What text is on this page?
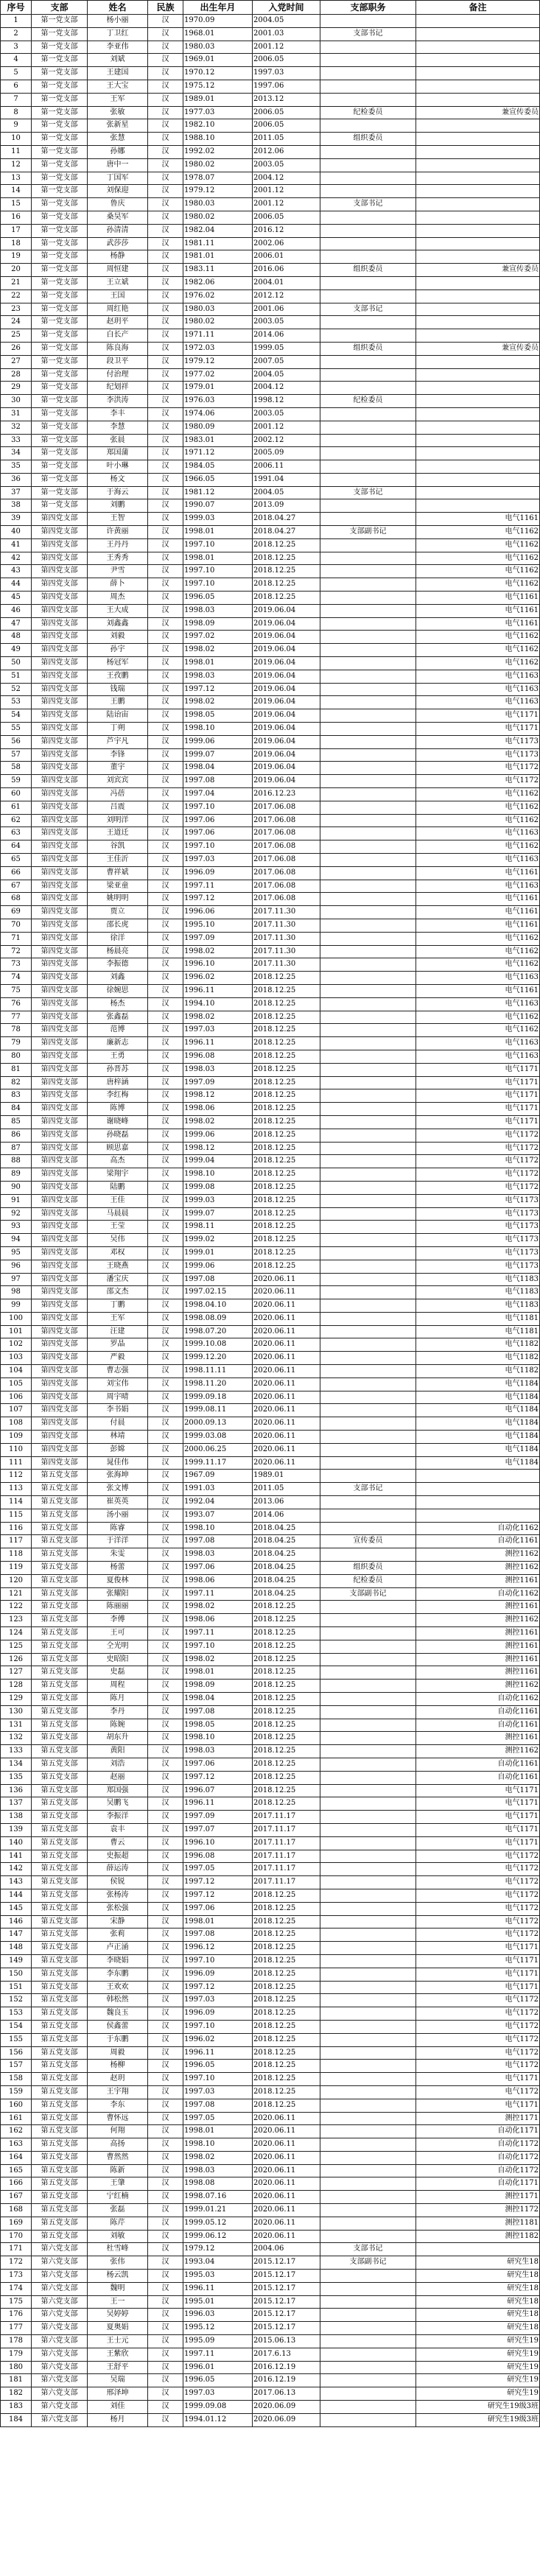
序号	支部	姓名	民族	出生年月	入党时间	支部职务	备注
1	第一党支部	杨小丽	汉	1970.09	2004.05		
2	第一党支部	丁卫红	汉	1968.01	2001.03	支部书记	
3	第一党支部	李亚伟	汉	1980.03	2001.12		
4	第一党支部	刘斌	汉	1969.01	2006.05		
5	第一党支部	王建国	汉	1970.12	1997.03		
6	第一党支部	王大宝	汉	1975.12	1997.06		
7	第一党支部	王军	汉	1989.01	2013.12		
8	第一党支部	张敏	汉	1977.03	2006.05	纪检委员	兼宣传委员
9	第一党支部	张新星	汉	1982.10	2006.05		
10	第一党支部	张慧	汉	1988.10	2011.05	组织委员	
11	第一党支部	孙娜	汉	1992.02	2012.06		
12	第一党支部	唐中一	汉	1980.02	2003.05		
13	第一党支部	丁国军	汉	1978.07	2004.12		
14	第一党支部	刘保迎	汉	1979.12	2001.12		
15	第一党支部	鲁庆	汉	1980.03	2001.12	支部书记	
16	第一党支部	桑昊军	汉	1980.02	2006.05		
17	第一党支部	孙清清	汉	1982.04	2016.12		
18	第一党支部	武莎莎	汉	1981.11	2002.06		
19	第一党支部	杨静	汉	1981.01	2006.01		
20	第一党支部	周恒建	汉	1983.11	2016.06	组织委员	兼宣传委员
21	第一党支部	王立斌	汉	1982.06	2004.01		
22	第一党支部	王国	汉	1976.02	2012.12		
23	第一党支部	周红艳	汉	1980.03	2001.06	支部书记	
24	第一党支部	赵玥平	汉	1980.02	2003.05		
25	第一党支部	白长产	汉	1971.11	2014.06		
26	第一党支部	陈良海	汉	1972.03	1999.05	组织委员	兼宣传委员
27	第一党支部	段卫平	汉	1979.12	2007.05		
28	第一党支部	付治理	汉	1977.02	2004.05		
29	第一党支部	纪划祥	汉	1979.01	2004.12		
30	第一党支部	李洪涛	汉	1976.03	1998.12	纪检委员	
31	第一党支部	李丰	汉	1974.06	2003.05		
32	第一党支部	李慧	汉	1980.09	2001.12		
33	第一党支部	张晨	汉	1983.01	2002.12		
34	第一党支部	郑国蒲	汉	1971.12	2005.09		
35	第一党支部	叶小琳	汉	1984.05	2006.11		
36	第一党支部	杨文	汉	1966.05	1991.04		
37	第一党支部	于海云	汉	1981.12	2004.05	支部书记	
38	第一党支部	刘鹏	汉	1990.07	2013.09		
39	第四党支部	王智	汉	1999.03	2018.04.27		电气1161
40	第四党支部	许黄丽	汉	1998.01	2018.04.27	支部副书记	电气1162
41	第四党支部	王丹丹	汉	1997.10	2018.12.25		电气1162
42	第四党支部	王秀秀	汉	1998.01	2018.12.25		电气1162
43	第四党支部	尹雪	汉	1997.10	2018.12.25		电气1162
44	第四党支部	薛卜	汉	1997.10	2018.12.25		电气1162
45	第四党支部	周杰	汉	1996.05	2018.12.25		电气1161
46	第四党支部	王大成	汉	1998.03	2019.06.04		电气1161
47	第四党支部	刘鑫鑫	汉	1998.09	2019.06.04		电气1161
48	第四党支部	刘毅	汉	1997.02	2019.06.04		电气1162
49	第四党支部	孙宇	汉	1998.02	2019.06.04		电气1162
50	第四党支部	杨冠军	汉	1998.01	2019.06.04		电气1162
51	第四党支部	王孜鹏	汉	1998.03	2019.06.04		电气1163
52	第四党支部	钱瑞	汉	1997.12	2019.06.04		电气1163
53	第四党支部	王鹏	汉	1998.02	2019.06.04		电气1163
54	第四党支部	陆诒宙	汉	1998.05	2019.06.04		电气1171
55	第四党支部	丁朔	汉	1998.10	2019.06.04		电气1171
56	第四党支部	芦宇凡	汉	1999.06	2019.06.04		电气1173
57	第四党支部	李锋	汉	1999.07	2019.06.04		电气1173
58	第四党支部	董宇	汉	1998.04	2019.06.04		电气1172
59	第四党支部	刘宾宾	汉	1997.08	2019.06.04		电气1172
60	第四党支部	冯蓓	汉	1997.04	2016.12.23		电气1162
61	第四党支部	吕震	汉	1997.10	2017.06.08		电气1162
62	第四党支部	刘明洋	汉	1997.06	2017.06.08		电气1162
63	第四党支部	王道迁	汉	1997.06	2017.06.08		电气1163
64	第四党支部	谷凯	汉	1997.10	2017.06.08		电气1162
65	第四党支部	王佳沂	汉	1997.03	2017.06.08		电气1163
66	第四党支部	曹祥斌	汉	1996.09	2017.06.08		电气1161
67	第四党支部	梁亚童	汉	1997.11	2017.06.08		电气1163
68	第四党支部	姚明明	汉	1997.12	2017.06.08		电气1161
69	第四党支部	贾立	汉	1996.06	2017.11.30		电气1161
70	第四党支部	邵长虎	汉	1995.10	2017.11.30		电气1161
71	第四党支部	徐洋	汉	1997.09	2017.11.30		电气1162
72	第四党支部	杨晨亮	汉	1998.02	2017.11.30		电气1162
73	第四党支部	李振德	汉	1996.10	2017.11.30		电气1162
74	第四党支部	刘鑫	汉	1996.02	2018.12.25		电气1163
75	第四党支部	徐婉思	汉	1996.11	2018.12.25		电气1161
76	第四党支部	杨杰	汉	1994.10	2018.12.25		电气1163
77	第四党支部	张鑫磊	汉	1998.02	2018.12.25		电气1162
78	第四党支部	范博	汉	1997.03	2018.12.25		电气1162
79	第四党支部	廉新志	汉	1996.11	2018.12.25		电气1163
80	第四党支部	王勇	汉	1996.08	2018.12.25		电气1163
81	第四党支部	孙晋苏	汉	1998.03	2018.12.25		电气1171
82	第四党支部	唐梓涵	汉	1997.09	2018.12.25		电气1171
83	第四党支部	李红梅	汉	1998.12	2018.12.25		电气1171
84	第四党支部	陈博	汉	1998.06	2018.12.25		电气1171
85	第四党支部	谢晓峰	汉	1998.02	2018.12.25		电气1171
86	第四党支部	孙晓磊	汉	1999.06	2018.12.25		电气1172
87	第四党支部	顾思嘉	汉	1998.12	2018.12.25		电气1172
88	第四党支部	高杰	汉	1999.04	2018.12.25		电气1172
89	第四党支部	梁翔宇	汉	1998.10	2018.12.25		电气1172
90	第四党支部	陆鹏	汉	1999.08	2018.12.25		电气1172
91	第四党支部	王佳	汉	1999.03	2018.12.25		电气1173
92	第四党支部	马晨晨	汉	1999.07	2018.12.25		电气1173
93	第四党支部	王莹	汉	1998.11	2018.12.25		电气1173
94	第四党支部	吴伟	汉	1999.02	2018.12.25		电气1173
95	第四党支部	邓权	汉	1999.01	2018.12.25		电气1173
96	第四党支部	王晓燕	汉	1999.06	2018.12.25		电气1173
97	第四党支部	潘宝庆	汉	1997.08	2020.06.11		电气1183
98	第四党支部	邵文杰	汉	1997.02.15	2020.06.11		电气1183
99	第四党支部	丁鹏	汉	1998.04.10	2020.06.11		电气1183
100	第四党支部	王军	汉	1998.08.09	2020.06.11		电气1181
101	第四党支部	汪建	汉	1998.07.20	2020.06.11		电气1181
102	第四党支部	罗晶	汉	1999.10.08	2020.06.11		电气1182
103	第四党支部	严毅	汉	1999.12.20	2020.06.11		电气1182
104	第四党支部	曹志强	汉	1998.11.11	2020.06.11		电气1182
105	第四党支部	刘宝伟	汉	1998.11.20	2020.06.11		电气1184
106	第四党支部	周宇晴	汉	1999.09.18	2020.06.11		电气1184
107	第四党支部	李书娟	汉	1999.08.11	2020.06.11		电气1184
108	第四党支部	付晨	汉	2000.09.13	2020.06.11		电气1184
109	第四党支部	林靖	汉	1999.03.08	2020.06.11		电气1184
110	第四党支部	彭嫦	汉	2000.06.25	2020.06.11		电气1184
111	第四党支部	晁佳伟	汉	1999.11.17	2020.06.11		电气1184
112	第五党支部	张海坤	汉	1967.09	1989.01		
113	第五党支部	张文博	汉	1991.03	2011.05	支部书记	
114	第五党支部	崔英英	汉	1992.04	2013.06		
115	第五党支部	汤小丽	汉	1993.07	2014.06		
116	第五党支部	陈睿	汉	1998.10	2018.04.25		自动化1162
117	第五党支部	于洋洋	汉	1997.08	2018.04.25	宣传委员	自动化1161
118	第五党支部	朱雯	汉	1998.03	2018.04.25		测控1162
119	第五党支部	杨蕾	汉	1997.06	2018.04.25	组织委员	测控1162
120	第五党支部	夏俊林	汉	1998.06	2018.04.25	纪检委员	测控1161
121	第五党支部	张耀阳	汉	1997.11	2018.04.25	支部副书记	自动化1162
122	第五党支部	陈丽丽	汉	1998.02	2018.12.25		测控1161
123	第五党支部	李傅	汉	1998.06	2018.12.25		测控1162
124	第五党支部	王可	汉	1997.11	2018.12.25		测控1161
125	第五党支部	仝光明	汉	1997.10	2018.12.25		测控1161
126	第五党支部	史昭阳	汉	1998.02	2018.12.25		测控1161
127	第五党支部	史磊	汉	1998.01	2018.12.25		测控1161
128	第五党支部	周程	汉	1998.09	2018.12.25		测控1162
129	第五党支部	陈月	汉	1998.04	2018.12.25		自动化1162
130	第五党支部	李丹	汉	1997.08	2018.12.25		自动化1161
131	第五党支部	陈婉	汉	1998.05	2018.12.25		自动化1161
132	第五党支部	胡东升	汉	1998.10	2018.12.25		测控1161
133	第五党支部	黄阳	汉	1998.03	2018.12.25		测控1162
134	第五党支部	刘浩	汉	1997.06	2018.12.25		自动化1161
135	第五党支部	赵丽	汉	1997.12	2018.12.25		自动化1161
136	第五党支部	郑国强	汉	1996.07	2018.12.25		电气1171
137	第五党支部	吴鹏飞	汉	1996.11	2018.12.25		电气1171
138	第五党支部	李振洋	汉	1997.09	2017.11.17		电气1171
139	第五党支部	袁丰	汉	1997.07	2017.11.17		电气1171
140	第五党支部	曹云	汉	1996.10	2017.11.17		电气1171
141	第五党支部	史振超	汉	1996.08	2017.11.17		电气1172
142	第五党支部	薛运涛	汉	1997.05	2017.11.17		电气1172
143	第五党支部	侯锐	汉	1997.12	2017.11.17		电气1172
144	第五党支部	张杨涛	汉	1997.12	2018.12.25		电气1172
145	第五党支部	张松强	汉	1997.06	2018.12.25		电气1172
146	第五党支部	宋静	汉	1998.01	2018.12.25		电气1172
147	第五党支部	张莉	汉	1997.08	2018.12.25		电气1172
148	第五党支部	卢正涌	汉	1996.12	2018.12.25		电气1171
149	第五党支部	李晓娟	汉	1997.10	2018.12.25		电气1171
150	第五党支部	李东鹏	汉	1996.09	2018.12.25		电气1171
151	第五党支部	王欢欢	汉	1997.12	2018.12.25		电气1171
152	第五党支部	韩松然	汉	1997.03	2018.12.25		电气1172
153	第五党支部	魏良玉	汉	1996.09	2018.12.25		电气1172
154	第五党支部	侯鑫蕾	汉	1997.10	2018.12.25		电气1172
155	第五党支部	于东鹏	汉	1996.02	2018.12.25		电气1172
156	第五党支部	周毅	汉	1996.11	2018.12.25		电气1172
157	第五党支部	杨柳	汉	1996.05	2018.12.25		电气1172
158	第五党支部	赵玥	汉	1997.10	2018.12.25		电气1171
159	第五党支部	王宇翔	汉	1997.03	2018.12.25		电气1172
160	第五党支部	李东	汉	1997.08	2018.12.25		电气1171
161	第五党支部	曹怀远	汉	1997.05	2020.06.11		测控1171
162	第五党支部	何翔	汉	1998.01	2020.06.11		自动化1171
163	第五党支部	高扬	汉	1998.10	2020.06.11		自动化1172
164	第五党支部	曹然然	汉	1998.02	2020.06.11		自动化1172
165	第五党支部	陈新	汉	1998.03	2020.06.11		自动化1172
166	第五党支部	王肇	汉	1998.08	2020.06.11		自动化1171
167	第五党支部	宁红楠	汉	1998.07.16	2020.06.11		测控1171
168	第五党支部	张磊	汉	1999.01.21	2020.06.11		测控1172
169	第五党支部	陈芹	汉	1999.05.12	2020.06.11		测控1181
170	第五党支部	刘敏	汉	1999.06.12	2020.06.11		测控1182
171	第六党支部	杜雪峰	汉	1979.12	2004.06	支部书记	
172	第六党支部	张伟	汉	1993.04	2015.12.17	支部副书记	研究生18
173	第六党支部	杨云凯	汉	1995.03	2015.12.17		研究生18
174	第六党支部	魏明	汉	1996.11	2015.12.17		研究生18
175	第六党支部	王一	汉	1995.01	2015.12.17		研究生18
176	第六党支部	吴婷婷	汉	1996.03	2015.12.17		研究生18
177	第六党支部	夏奥娟	汉	1995.12	2015.12.17		研究生18
178	第六党支部	王士元	汉	1995.09	2015.06.13		研究生19
179	第六党支部	王紫欣	汉	1997.11	2017.6.13		研究生19
180	第六党支部	王舒平	汉	1996.01	2016.12.19		研究生19
181	第六党支部	吴瑞	汉	1996.05	2016.12.19		研究生19
182	第六党支部	邢泽坤	汉	1997.03	2017.06.13		研究生19
183	第六党支部	刘佳	汉	1999.09.08	2020.06.09		研究生19级3班
184	第六党支部	杨月	汉	1994.01.12	2020.06.09		研究生19级3班
